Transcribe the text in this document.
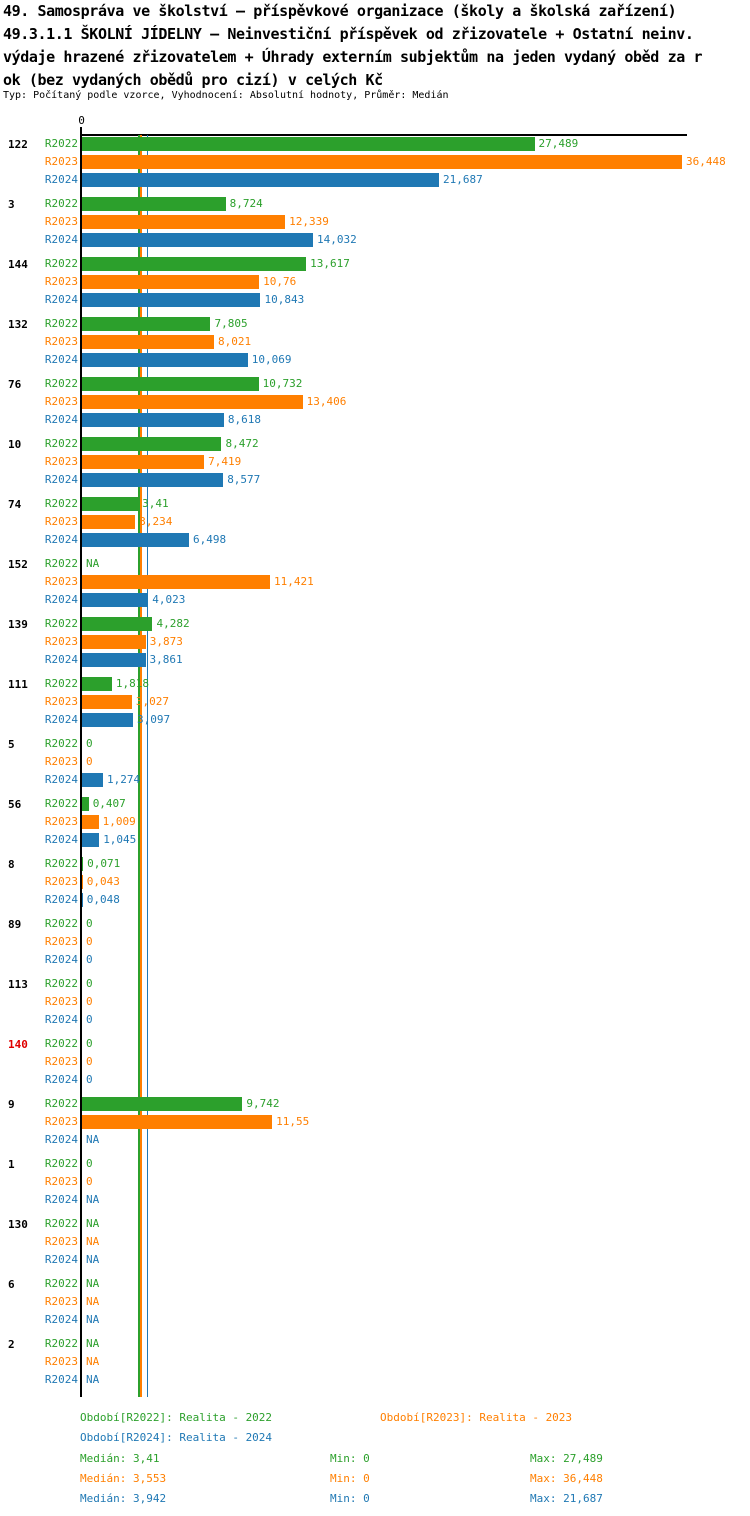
49. Samospráva ve školství – příspěvkové organizace (školy a školská zařízení)
49.3.1.1 ŠKOLNÍ JÍDELNY – Neinvestiční příspěvek od zřizovatele + Ostatní neinv.
výdaje hrazené zřizovatelem + Úhrady externím subjektům na jeden vydaný oběd za r
ok (bez vydaných obědů pro cizí) v celých Kč
Typ: Počítaný podle vzorce, Vyhodnocení: Absolutní hodnoty, Průměr: Medián
0
122	R2022	27,489
R2023	36,448
R2024	21,687
3	R2022	8,724
R2023	12,339
R2024	14,032
144	R2022	13,617
R2023	10,76
R2024	10,843
132	R2022	7,805
R2023	8,021
R2024	10,069
76	R2022	10,732
R2023	13,406
R2024	8,618
10	R2022	8,472
R2023	7,419
R2024	8,577
74	R2022	3,41
R2023	3,234
R2024	6,498
152	R2022 NA
R2023	11,421
R2024	4,023
139	R2022	4,282
R2023	3,873
R2024	3,861
111	R2022	1,818
R2023	3,027
R2024	3,097
5	R2022 0
R2023 0
R2024	1,274
56	R2022 0,407
R2023 1,009
R2024 1,045
8	R2022 0,071
R2023 0,043
R2024 0,048
89	R2022 0
R2023 0
R2024 0
113	R2022 0
R2023 0
R2024 0
140	R2022 0
R2023 0
R2024 0
9	R2022	9,742
R2023	11,55
R2024 NA
1	R2022 0
R2023 0
R2024 NA
130	R2022 NA
R2023 NA
R2024 NA
6	R2022 NA
R2023 NA
R2024 NA
2	R2022 NA
R2023 NA
R2024 NA
Období[R2022]: Realita - 2022	Období[R2023]: Realita - 2023
Období[R2024]: Realita - 2024
Medián: 3,41	Min: 0	Max: 27,489
Medián: 3,553	Min: 0	Max: 36,448
Medián: 3,942	Min: 0	Max: 21,687
